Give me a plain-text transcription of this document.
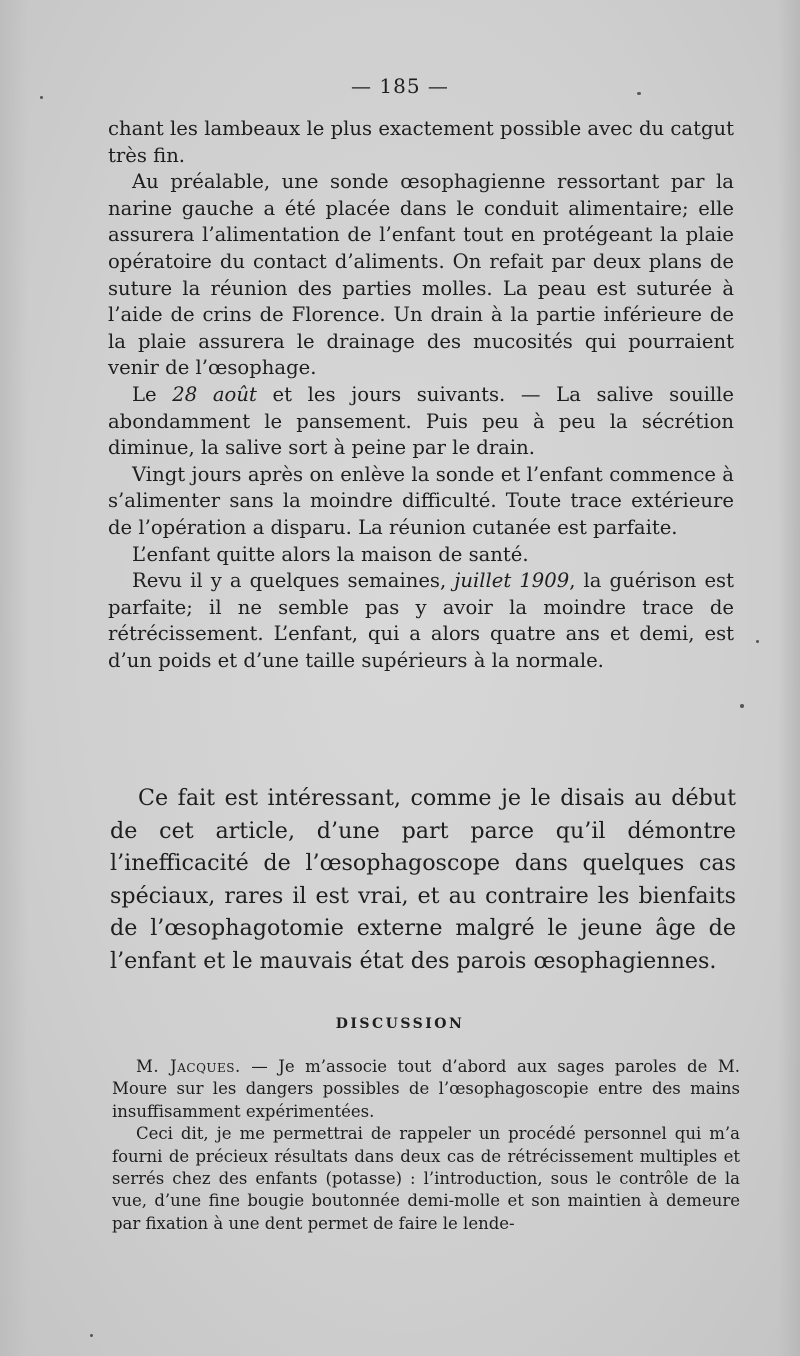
— 185 —

chant les lambeaux le plus exactement possible avec du catgut très fin.

Au préalable, une sonde œsophagienne ressortant par la narine gauche a été placée dans le conduit alimentaire; elle assurera l’alimentation de l’enfant tout en protégeant la plaie opératoire du contact d’aliments. On refait par deux plans de suture la réunion des parties molles. La peau est suturée à l’aide de crins de Florence. Un drain à la partie inférieure de la plaie assurera le drainage des mucosités qui pourraient venir de l’œsophage.

Le 28 août et les jours suivants. — La salive souille abondamment le pansement. Puis peu à peu la sécrétion diminue, la salive sort à peine par le drain.

Vingt jours après on enlève la sonde et l’enfant commence à s’alimenter sans la moindre difficulté. Toute trace extérieure de l’opération a disparu. La réunion cutanée est parfaite.

L’enfant quitte alors la maison de santé.

Revu il y a quelques semaines, juillet 1909, la guérison est parfaite; il ne semble pas y avoir la moindre trace de rétrécissement. L’enfant, qui a alors quatre ans et demi, est d’un poids et d’une taille supérieurs à la normale.

Ce fait est intéressant, comme je le disais au début de cet article, d’une part parce qu’il démontre l’inefficacité de l’œsophagoscope dans quelques cas spéciaux, rares il est vrai, et au contraire les bienfaits de l’œsophagotomie externe malgré le jeune âge de l’enfant et le mauvais état des parois œsophagiennes.

DISCUSSION

M. Jacques. — Je m’associe tout d’abord aux sages paroles de M. Moure sur les dangers possibles de l’œsophagoscopie entre des mains insuffisamment expérimentées.

Ceci dit, je me permettrai de rappeler un procédé personnel qui m’a fourni de précieux résultats dans deux cas de rétrécissement multiples et serrés chez des enfants (potasse) : l’introduction, sous le contrôle de la vue, d’une fine bougie boutonnée demi-molle et son maintien à demeure par fixation à une dent permet de faire le lende-
